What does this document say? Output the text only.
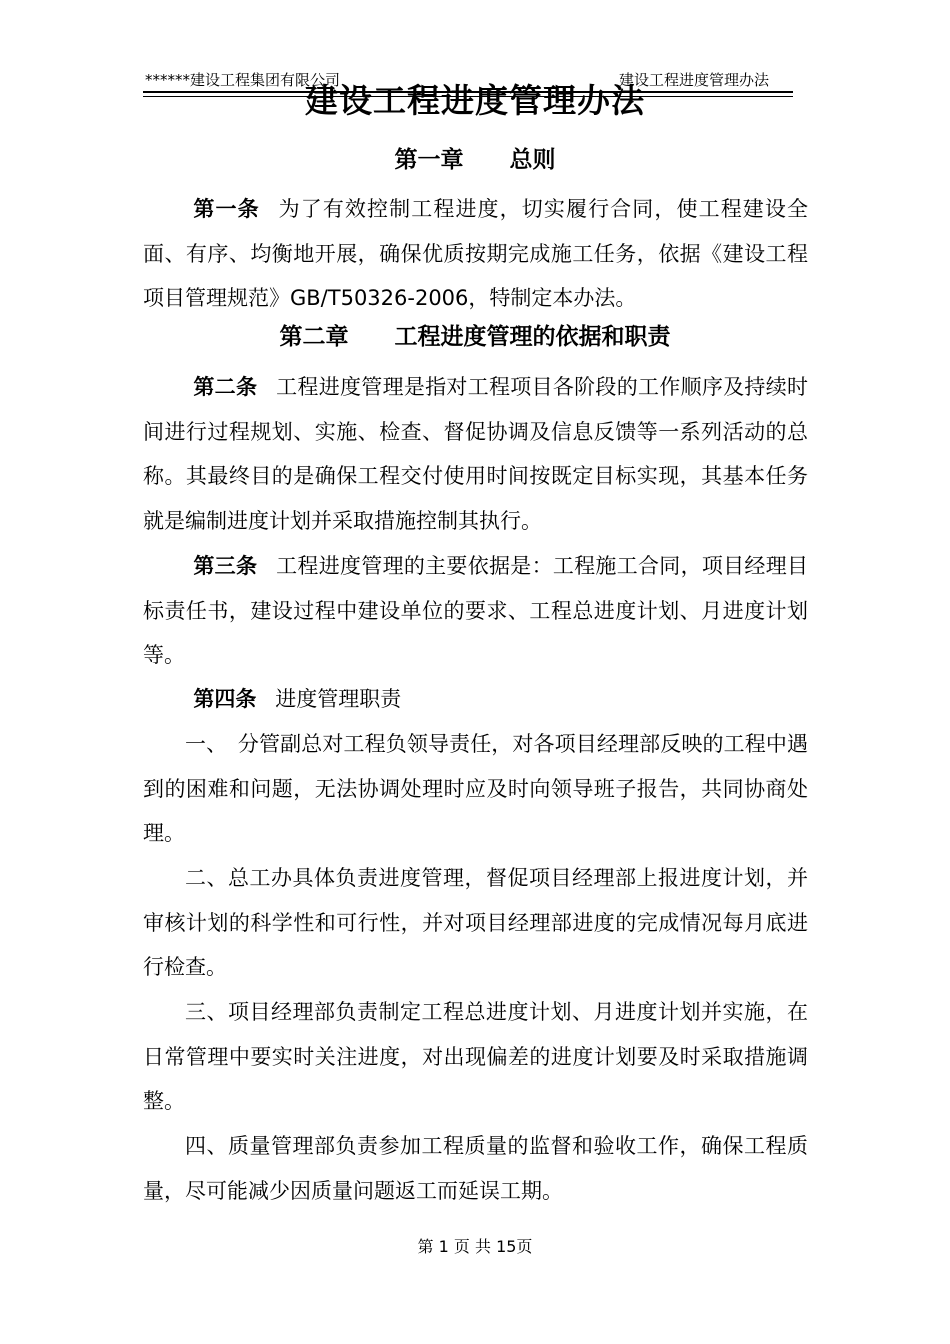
******建设工程集团有限公司	建设工程进度管理办法
建设工程进度管理办法
第一章　　总则

第一条 为了有效控制工程进度，切实履行合同，使工程建设全面、有序、均衡地开展，确保优质按期完成施工任务，依据《建设工程项目管理规范》GB/T50326-2006，特制定本办法。

第二章　　工程进度管理的依据和职责

第二条 工程进度管理是指对工程项目各阶段的工作顺序及持续时间进行过程规划、实施、检查、督促协调及信息反馈等一系列活动的总称。其最终目的是确保工程交付使用时间按既定目标实现，其基本任务就是编制进度计划并采取措施控制其执行。

第三条 工程进度管理的主要依据是：工程施工合同，项目经理目标责任书，建设过程中建设单位的要求、工程总进度计划、月进度计划等。

第四条 进度管理职责

一、　分管副总对工程负领导责任，对各项目经理部反映的工程中遇到的困难和问题，无法协调处理时应及时向领导班子报告，共同协商处理。

二、总工办具体负责进度管理，督促项目经理部上报进度计划，并审核计划的科学性和可行性，并对项目经理部进度的完成情况每月底进行检查。

三、项目经理部负责制定工程总进度计划、月进度计划并实施，在日常管理中要实时关注进度，对出现偏差的进度计划要及时采取措施调整。

四、质量管理部负责参加工程质量的监督和验收工作，确保工程质量，尽可能减少因质量问题返工而延误工期。

第 1 页 共 15页
